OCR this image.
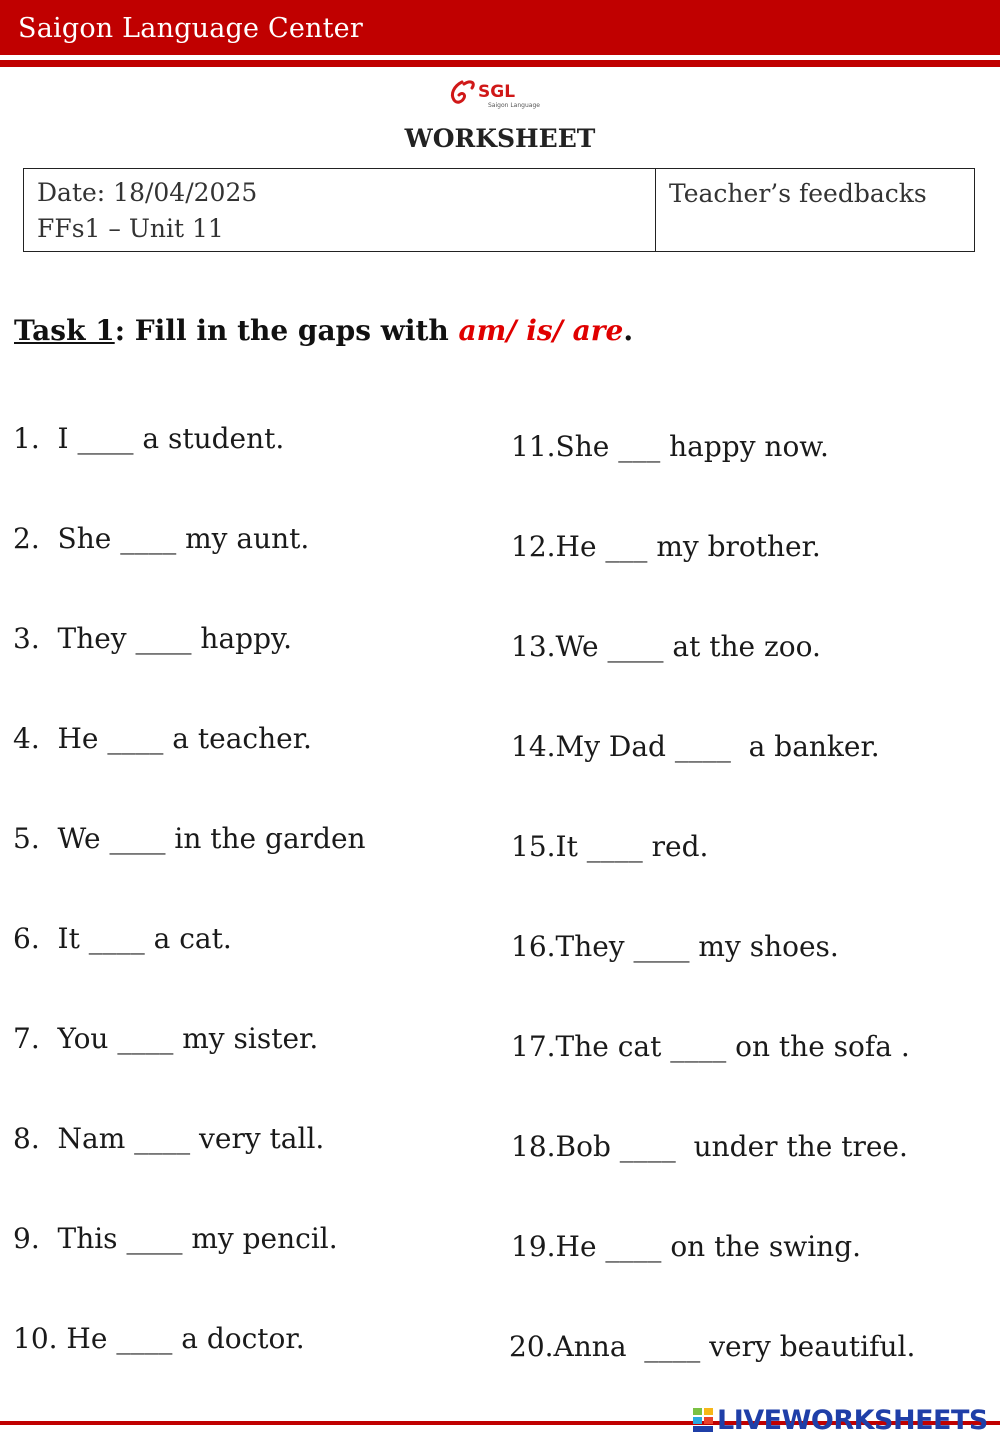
Saigon Language Center
SGL
Saigon Language
WORKSHEET
Date: 18/04/2025
FFs1 – Unit 11
Teacher’s feedbacks
Task 1: Fill in the gaps with am/ is/ are.
1.  I ____ a student.
2.  She ____ my aunt.
3.  They ____ happy.
4.  He ____ a teacher.
5.  We ____ in the garden
6.  It ____ a cat.
7.  You ____ my sister.
8.  Nam ____ very tall.
9.  This ____ my pencil.
10. He ____ a doctor.
11.She ___ happy now.
12.He ___ my brother.
13.We ____ at the zoo.
14.My Dad ____  a banker.
15.It ____ red.
16.They ____ my shoes.
17.The cat ____ on the sofa .
18.Bob ____  under the tree.
19.He ____ on the swing.
20.Anna  ____ very beautiful.
LIVEWORKSHEETS
